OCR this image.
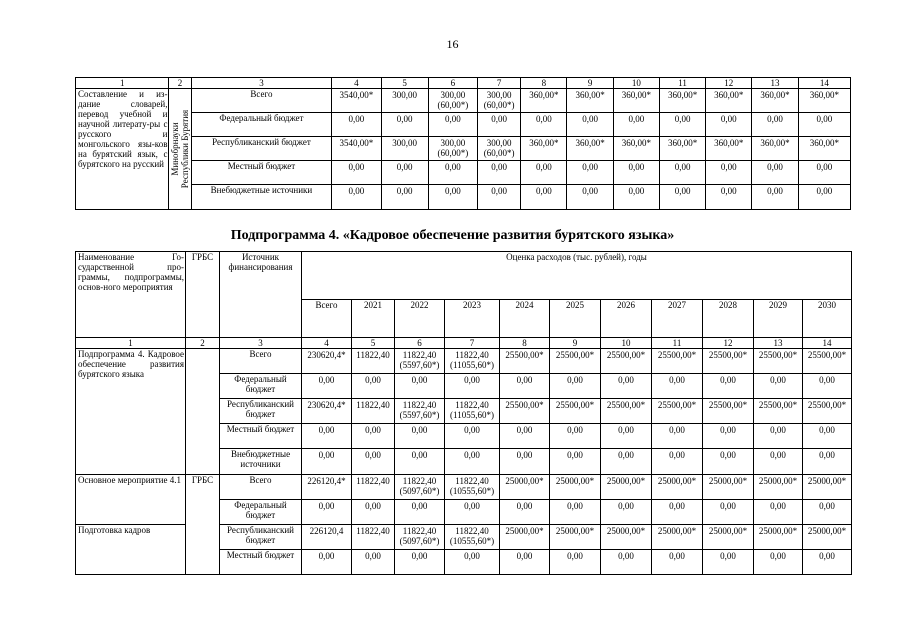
16
1	2	3	4	5	6	7	8	9	10	11	12	13	14
Составление и из-дание словарей, перевод учебной и научной литерату-ры с русского и монгольского язы-ков на бурятский язык, с бурятского на русский	Минобрнауки Республики Бурятия	Всего	3540,00*	300,00	300,00 (60,00*)	300,00 (60,00*)	360,00*	360,00*	360,00*	360,00*	360,00*	360,00*	360,00*
		Федеральный бюджет	0,00	0,00	0,00	0,00	0,00	0,00	0,00	0,00	0,00	0,00	0,00
		Республиканский бюджет	3540,00*	300,00	300,00 (60,00*)	300,00 (60,00*)	360,00*	360,00*	360,00*	360,00*	360,00*	360,00*	360,00*
		Местный бюджет	0,00	0,00	0,00	0,00	0,00	0,00	0,00	0,00	0,00	0,00	0,00
		Внебюджетные источники	0,00	0,00	0,00	0,00	0,00	0,00	0,00	0,00	0,00	0,00	0,00
Подпрограмма 4. «Кадровое обеспечение развития бурятского языка»
Наименование Го-сударственной про-граммы, подпрограммы, основ-ного мероприятия	ГРБС	Источник финансирования	Оценка расходов (тыс. рублей), годы										
			Всего	2021	2022	2023	2024	2025	2026	2027	2028	2029	2030
1	2	3	4	5	6	7	8	9	10	11	12	13	14
Подпрограмма 4. Кадровое обеспечение развития бурятского языка		Всего	230620,4*	11822,40	11822,40 (5597,60*)	11822,40 (11055,60*)	25500,00*	25500,00*	25500,00*	25500,00*	25500,00*	25500,00*	25500,00*
		Федеральный бюджет	0,00	0,00	0,00	0,00	0,00	0,00	0,00	0,00	0,00	0,00	0,00
		Республиканский бюджет	230620,4*	11822,40	11822,40 (5597,60*)	11822,40 (11055,60*)	25500,00*	25500,00*	25500,00*	25500,00*	25500,00*	25500,00*	25500,00*
		Местный бюджет	0,00	0,00	0,00	0,00	0,00	0,00	0,00	0,00	0,00	0,00	0,00
		Внебюджетные источники	0,00	0,00	0,00	0,00	0,00	0,00	0,00	0,00	0,00	0,00	0,00
Основное мероприятие 4.1	ГРБС	Всего	226120,4*	11822,40	11822,40 (5097,60*)	11822,40 (10555,60*)	25000,00*	25000,00*	25000,00*	25000,00*	25000,00*	25000,00*	25000,00*
		Федеральный бюджет	0,00	0,00	0,00	0,00	0,00	0,00	0,00	0,00	0,00	0,00	0,00
Подготовка кадров		Республиканский бюджет	226120,4	11822,40	11822,40 (5097,60*)	11822,40 (10555,60*)	25000,00*	25000,00*	25000,00*	25000,00*	25000,00*	25000,00*	25000,00*
		Местный бюджет	0,00	0,00	0,00	0,00	0,00	0,00	0,00	0,00	0,00	0,00	0,00
